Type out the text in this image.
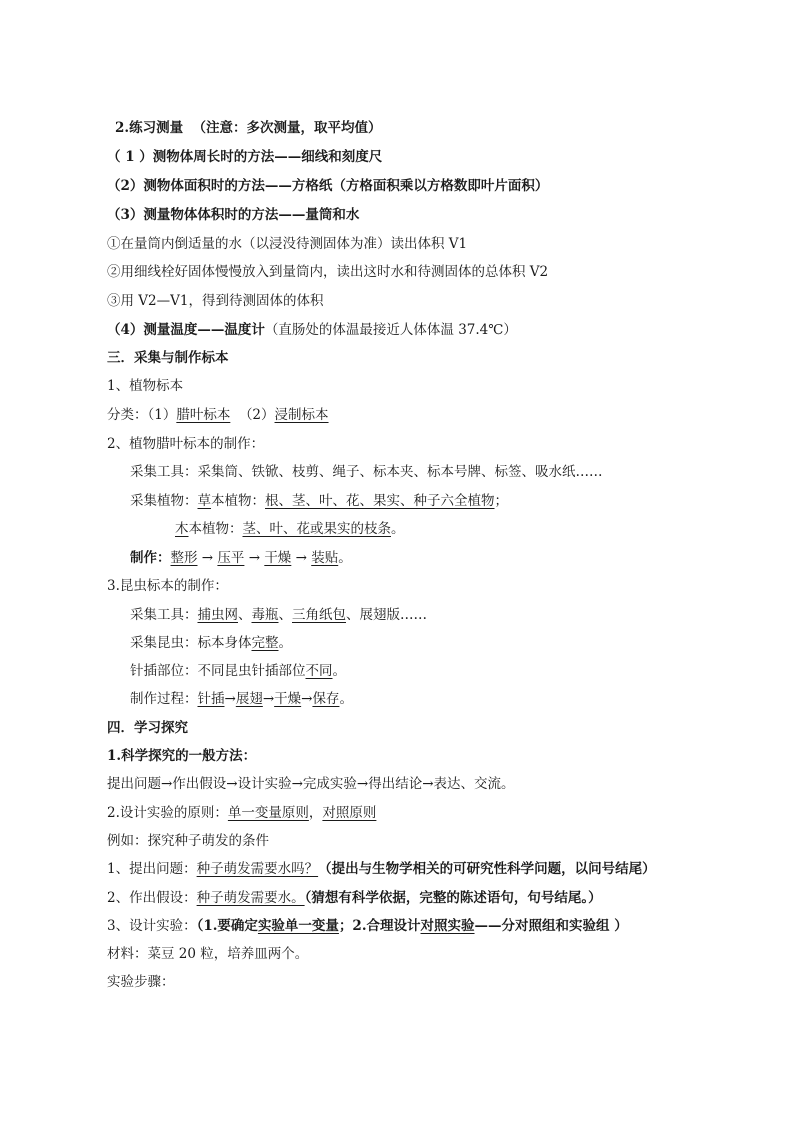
2.练习测量 （注意：多次测量，取平均值）
（ 1 ）测物体周长时的方法——细线和刻度尺
（2）测物体面积时的方法——方格纸（方格面积乘以方格数即叶片面积）
（3）测量物体体积时的方法——量筒和水
①在量筒内倒适量的水（以浸没待测固体为准）读出体积 V1
②用细线栓好固体慢慢放入到量筒内，读出这时水和待测固体的总体积 V2
③用 V2—V1，得到待测固体的体积
（4）测量温度——温度计（直肠处的体温最接近人体体温 37.4℃）
三．采集与制作标本
1、植物标本
分类：（1）腊叶标本 （2）浸制标本
2、植物腊叶标本的制作：
采集工具：采集筒、铁锨、枝剪、绳子、标本夹、标本号牌、标签、吸水纸……
采集植物：草本植物：根、茎、叶、花、果实、种子六全植物；
木本植物：茎、叶、花或果实的枝条。
制作：整形 → 压平 → 干燥 → 装贴。
3.昆虫标本的制作：
采集工具：捕虫网、毒瓶、三角纸包、展翅版……
采集昆虫：标本身体完整。
针插部位：不同昆虫针插部位不同。
制作过程：针插→展翅→干燥→保存。
四．学习探究
1.科学探究的一般方法：
提出问题→作出假设→设计实验→完成实验→得出结论→表达、交流。
2.设计实验的原则：单一变量原则，对照原则
例如：探究种子萌发的条件
1、提出问题：种子萌发需要水吗？（提出与生物学相关的可研究性科学问题，以问号结尾）
2、作出假设：种子萌发需要水。（猜想有科学依据，完整的陈述语句，句号结尾。）
3、设计实验：（1.要确定实验单一变量；2.合理设计对照实验——分对照组和实验组 ）
材料：菜豆 20 粒，培养皿两个。
实验步骤：
